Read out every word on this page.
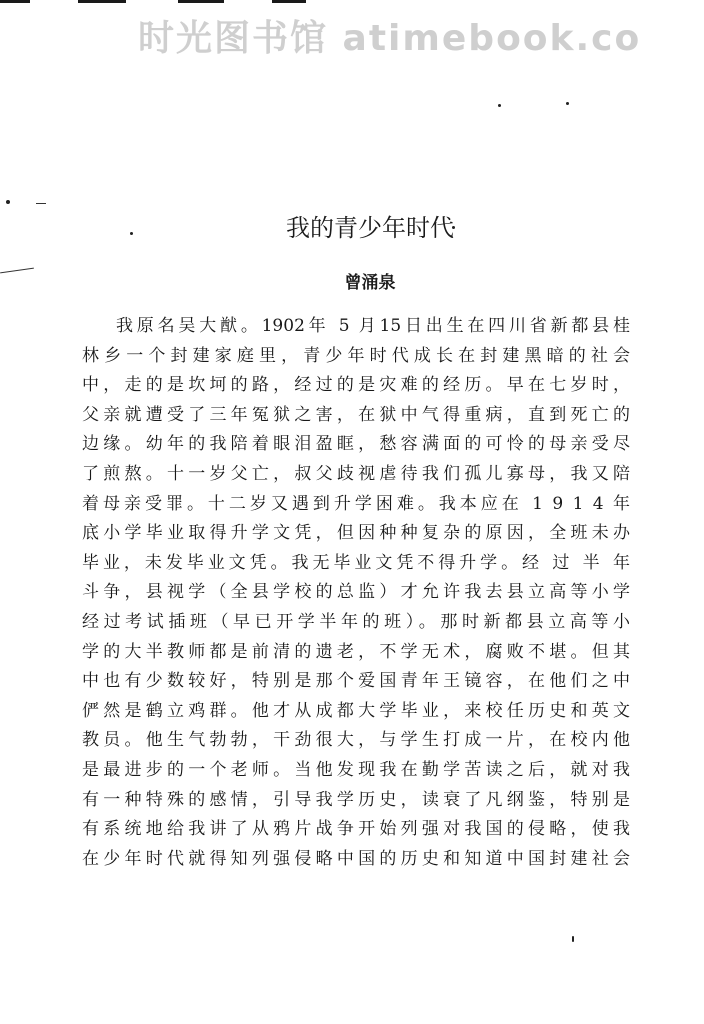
时光图书馆 atimebook.co
我的青少年时代
曾涌泉
我原名吴大猷。1902年 5 月15日出生在四川省新都县桂
林乡一个封建家庭里，青少年时代成长在封建黑暗的社会
中，走的是坎坷的路，经过的是灾难的经历。早在七岁时，
父亲就遭受了三年冤狱之害，在狱中气得重病，直到死亡的
边缘。幼年的我陪着眼泪盈眶，愁容满面的可怜的母亲受尽
了煎熬。十一岁父亡，叔父歧视虐待我们孤儿寡母，我又陪
着母亲受罪。十二岁又遇到升学困难。我本应在 1 9 1 4 年
底小学毕业取得升学文凭，但因种种复杂的原因，全班未办
毕业，未发毕业文凭。我无毕业文凭不得升学。经 过 半 年
斗争，县视学（全县学校的总监）才允许我去县立高等小学
经过考试插班（早已开学半年的班）。那时新都县立高等小
学的大半教师都是前清的遗老，不学无术，腐败不堪。但其
中也有少数较好，特别是那个爱国青年王镜容，在他们之中
俨然是鹤立鸡群。他才从成都大学毕业，来校任历史和英文
教员。他生气勃勃，干劲很大，与学生打成一片，在校内他
是最进步的一个老师。当他发现我在勤学苦读之后，就对我
有一种特殊的感情，引导我学历史，读衰了凡纲鉴，特别是
有系统地给我讲了从鸦片战争开始列强对我国的侵略，使我
在少年时代就得知列强侵略中国的历史和知道中国封建社会
